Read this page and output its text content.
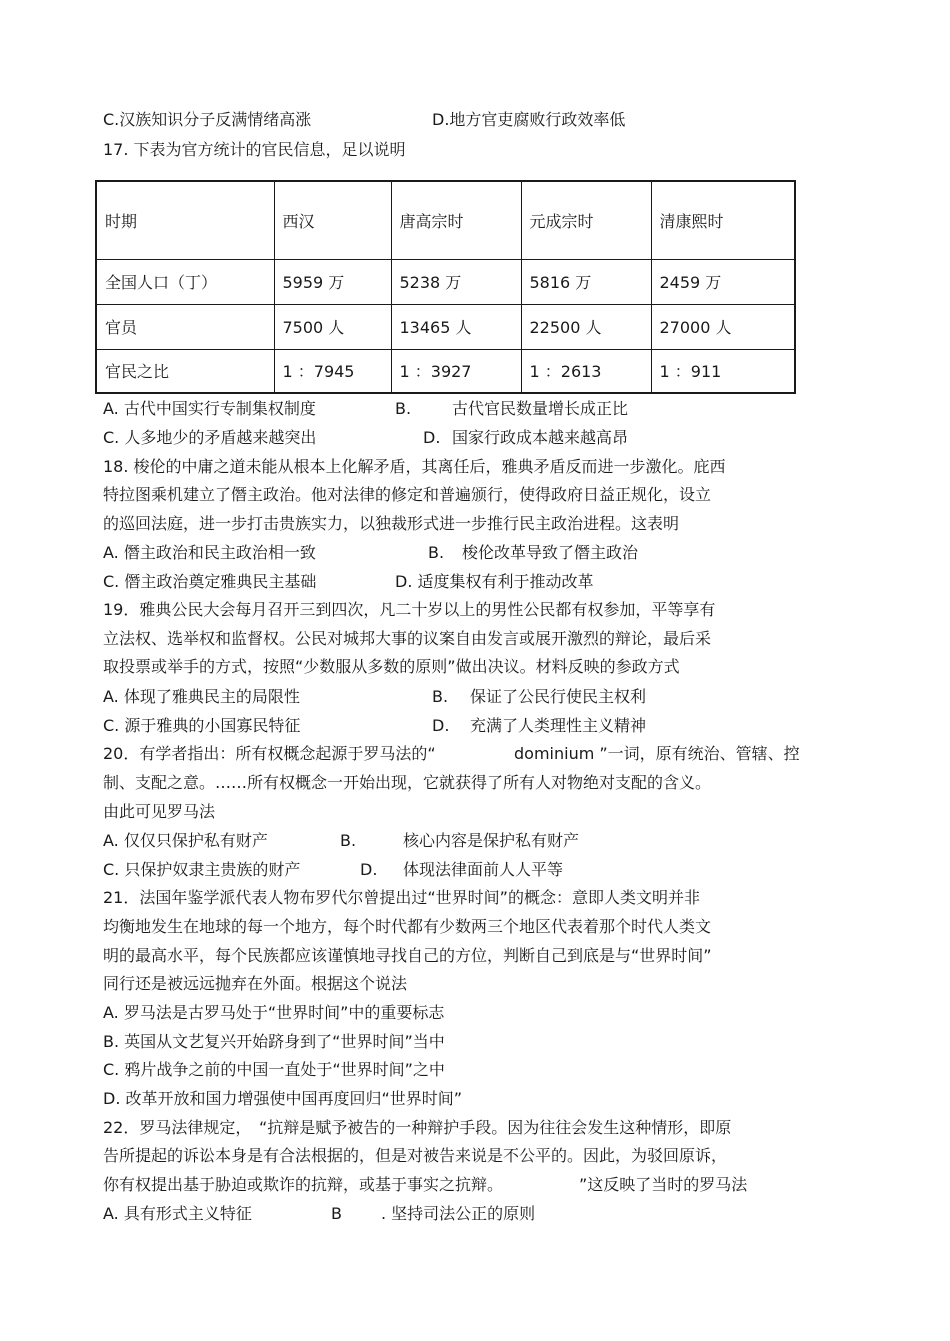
C.汉族知识分子反满情绪高涨	D.地方官吏腐败行政效率低
17. 下表为官方统计的官民信息，足以说明
时期	西汉	唐高宗时	元成宗时	清康熙时
全国人口（丁）	5959 万	5238 万	5816 万	2459 万
官员	7500 人	13465 人	22500 人	27000 人
官民之比	1 ：7945	1 ：3927	1 ：2613	1 ：911
A. 古代中国实行专制集权制度	B.	古代官民数量增长成正比
C. 人多地少的矛盾越来越突出	D. 国家行政成本越来越高昂
18. 梭伦的中庸之道未能从根本上化解矛盾，其离任后，雅典矛盾反而进一步激化。庇西
特拉图乘机建立了僭主政治。他对法律的修定和普遍颁行，使得政府日益正规化，设立
的巡回法庭，进一步打击贵族实力，以独裁形式进一步推行民主政治进程。这表明
A. 僭主政治和民主政治相一致	B. 梭伦改革导致了僭主政治
C. 僭主政治奠定雅典民主基础	D. 适度集权有利于推动改革
19．雅典公民大会每月召开三到四次，凡二十岁以上的男性公民都有权参加，平等享有
立法权、选举权和监督权。公民对城邦大事的议案自由发言或展开激烈的辩论，最后采
取投票或举手的方式，按照“少数服从多数的原则”做出决议。材料反映的参政方式
A. 体现了雅典民主的局限性	B. 保证了公民行使民主权利
C. 源于雅典的小国寡民特征	D. 充满了人类理性主义精神
20．有学者指出：所有权概念起源于罗马法的“	dominium ”一词，原有统治、管辖、控
制、支配之意。……所有权概念一开始出现，它就获得了所有人对物绝对支配的含义。
由此可见罗马法
A. 仅仅只保护私有财产	B.	核心内容是保护私有财产
C. 只保护奴隶主贵族的财产	D. 体现法律面前人人平等
21．法国年鉴学派代表人物布罗代尔曾提出过“世界时间”的概念：意即人类文明并非
均衡地发生在地球的每一个地方，每个时代都有少数两三个地区代表着那个时代人类文
明的最高水平，每个民族都应该谨慎地寻找自己的方位，判断自己到底是与“世界时间”
同行还是被远远抛弃在外面。根据这个说法
A. 罗马法是古罗马处于“世界时间”中的重要标志
B. 英国从文艺复兴开始跻身到了“世界时间”当中
C. 鸦片战争之前的中国一直处于“世界时间”之中
D. 改革开放和国力增强使中国再度回归“世界时间”
22．罗马法律规定， “抗辩是赋予被告的一种辩护手段。因为往往会发生这种情形，即原
告所提起的诉讼本身是有合法根据的，但是对被告来说是不公平的。因此，为驳回原诉，
你有权提出基于胁迫或欺诈的抗辩，或基于事实之抗辩。	”这反映了当时的罗马法
A. 具有形式主义特征	B . 坚持司法公正的原则
